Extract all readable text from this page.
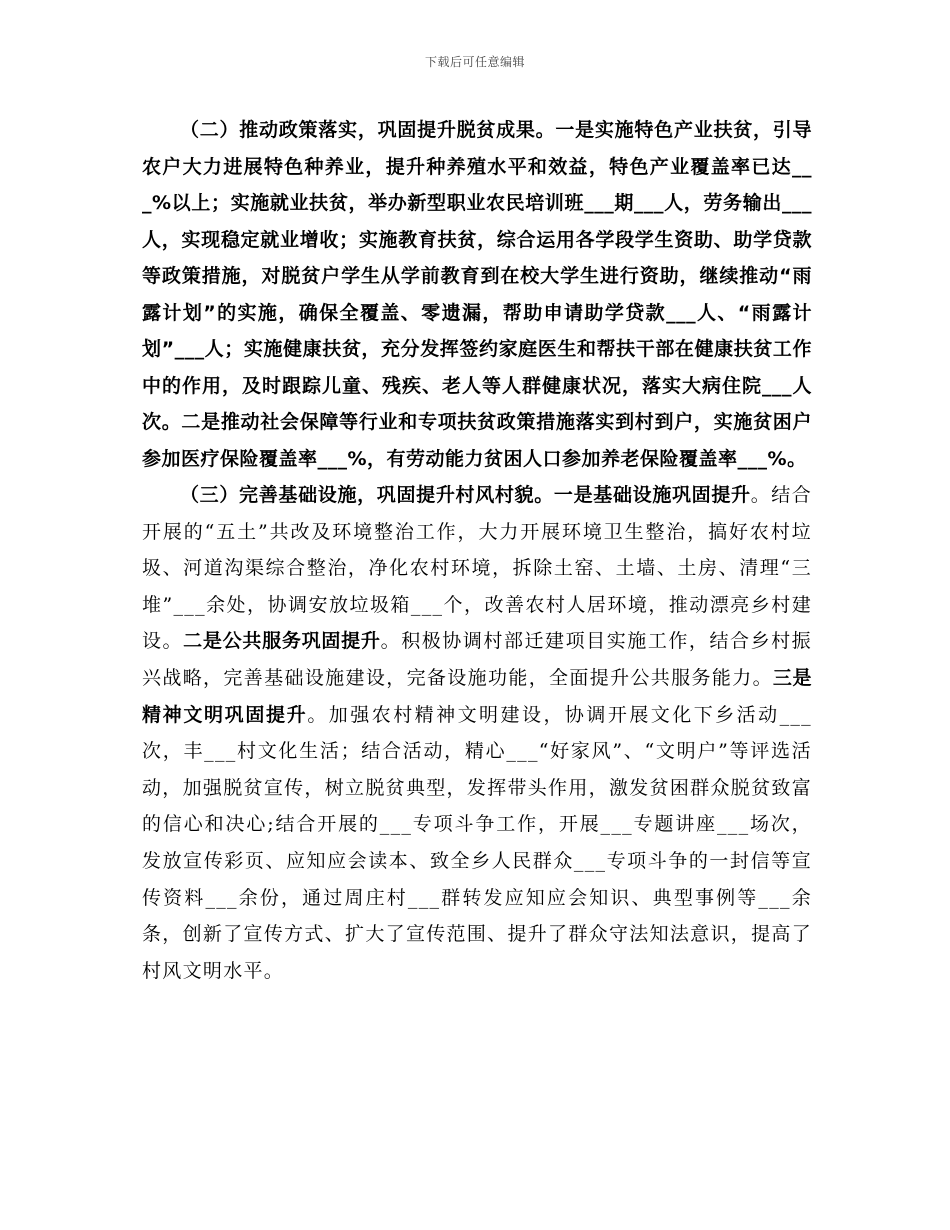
下载后可任意编辑

（二）推动政策落实，巩固提升脱贫成果。一是实施特色产业扶贫，引导农户大力进展特色种养业，提升种养殖水平和效益，特色产业覆盖率已达___%以上；实施就业扶贫，举办新型职业农民培训班___期___人，劳务输出___人，实现稳定就业增收；实施教育扶贫，综合运用各学段学生资助、助学贷款等政策措施，对脱贫户学生从学前教育到在校大学生进行资助，继续推动“雨露计划”的实施，确保全覆盖、零遗漏，帮助申请助学贷款___人、“雨露计划”___人；实施健康扶贫，充分发挥签约家庭医生和帮扶干部在健康扶贫工作中的作用，及时跟踪儿童、残疾、老人等人群健康状况，落实大病住院___人次。二是推动社会保障等行业和专项扶贫政策措施落实到村到户，实施贫困户参加医疗保险覆盖率___%，有劳动能力贫困人口参加养老保险覆盖率___%。

（三）完善基础设施，巩固提升村风村貌。一是基础设施巩固提升。结合开展的“五土”共改及环境整治工作，大力开展环境卫生整治，搞好农村垃圾、河道沟渠综合整治，净化农村环境，拆除土窑、土墙、土房、清理“三堆”___余处，协调安放垃圾箱___个，改善农村人居环境，推动漂亮乡村建设。二是公共服务巩固提升。积极协调村部迁建项目实施工作，结合乡村振兴战略，完善基础设施建设，完备设施功能，全面提升公共服务能力。三是精神文明巩固提升。加强农村精神文明建设，协调开展文化下乡活动___次，丰___村文化生活；结合活动，精心___“好家风”、“文明户”等评选活动，加强脱贫宣传，树立脱贫典型，发挥带头作用，激发贫困群众脱贫致富的信心和决心;结合开展的___专项斗争工作，开展___专题讲座___场次，发放宣传彩页、应知应会读本、致全乡人民群众___专项斗争的一封信等宣传资料___余份，通过周庄村___群转发应知应会知识、典型事例等___余条，创新了宣传方式、扩大了宣传范围、提升了群众守法知法意识，提高了村风文明水平。
